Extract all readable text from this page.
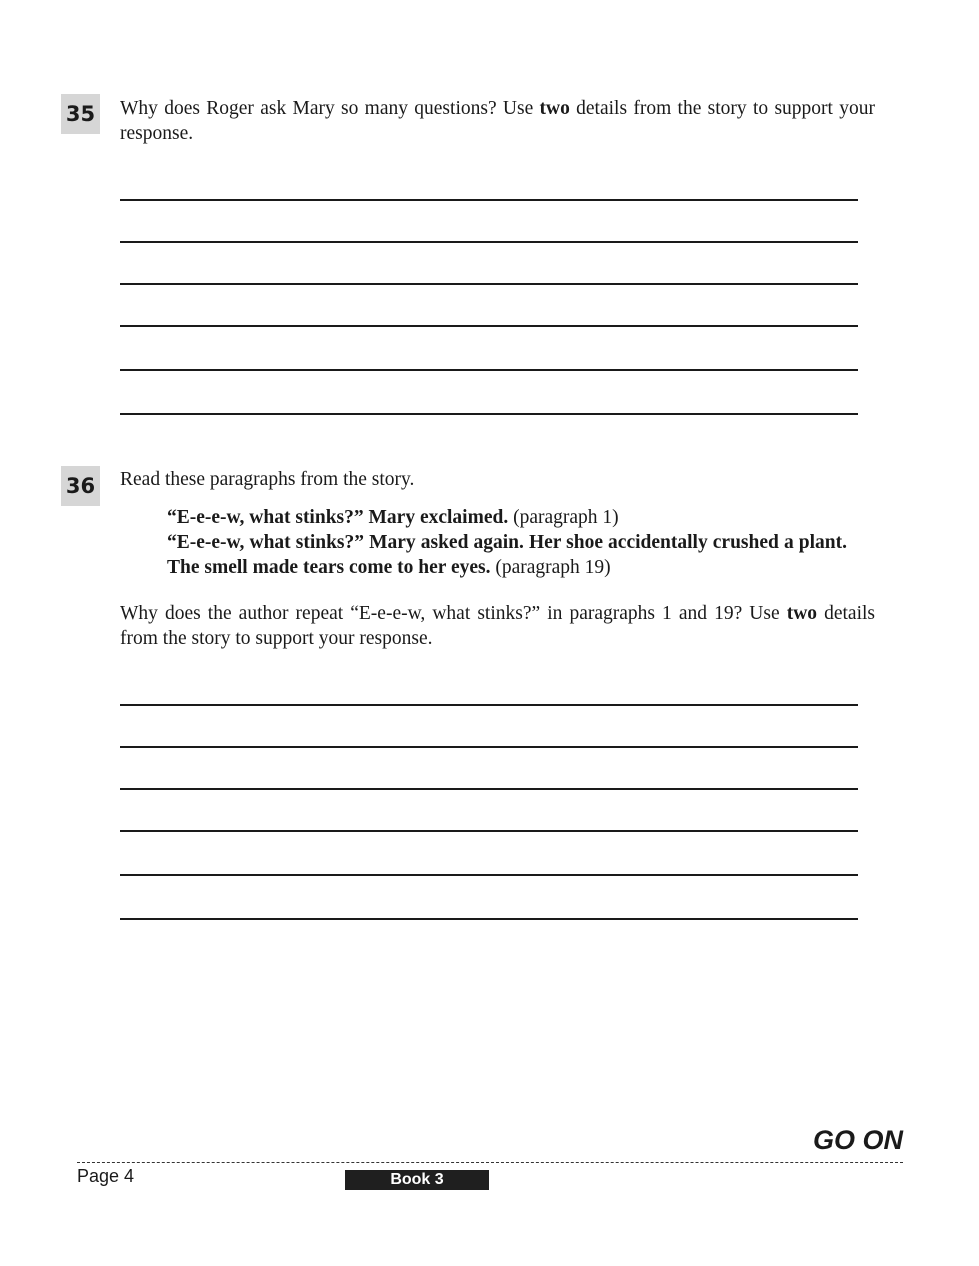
35 Why does Roger ask Mary so many questions? Use two details from the story to support your response.
36 Read these paragraphs from the story.
“E-e-e-w, what stinks?” Mary exclaimed. (paragraph 1)
“E-e-e-w, what stinks?” Mary asked again. Her shoe accidentally crushed a plant. The smell made tears come to her eyes. (paragraph 19)
Why does the author repeat “E-e-e-w, what stinks?” in paragraphs 1 and 19? Use two details from the story to support your response.
GO ON
Page 4	Book 3
